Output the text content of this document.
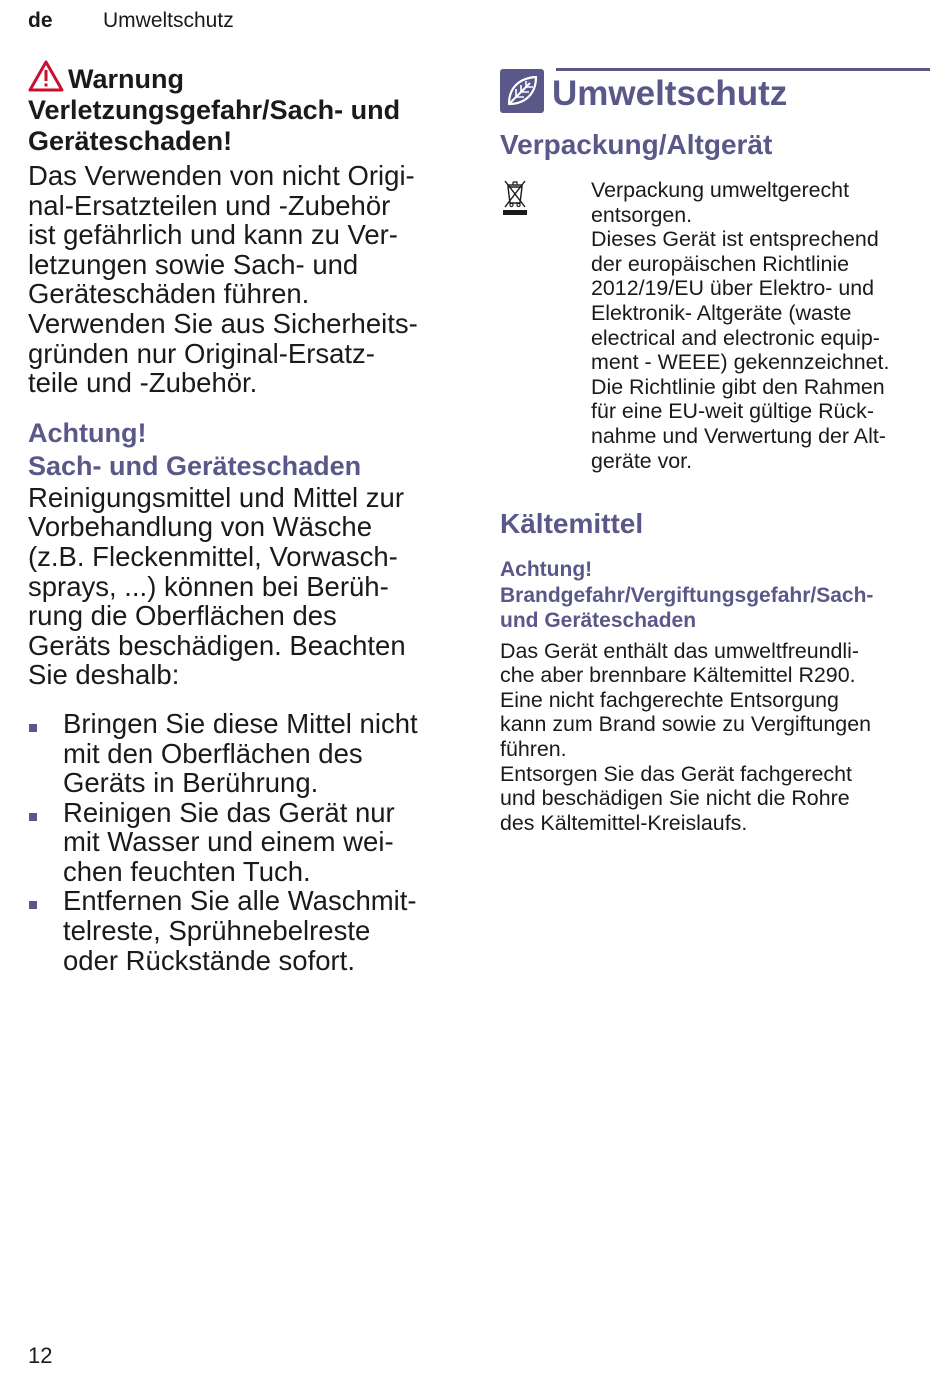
de Umweltschutz

Warnung

Verletzungsgefahr/Sach- und

Geräteschaden!

Das Verwenden von nicht Origi-

nal-Ersatzteilen und -Zubehör

ist gefährlich und kann zu Ver-

letzungen sowie Sach- und

Geräteschäden führen.

Verwenden Sie aus Sicherheits-

gründen nur Original-Ersatz-

teile und -Zubehör.

Achtung!

Sach- und Geräteschaden

Reinigungsmittel und Mittel zur

Vorbehandlung von Wäsche

(z.B. Fleckenmittel, Vorwasch-

sprays, ...) können bei Berüh-

rung die Oberflächen des

Geräts beschädigen. Beachten

Sie deshalb:

Bringen Sie diese Mittel nicht
mit den Oberflächen des
Geräts in Berührung.
Reinigen Sie das Gerät nur
mit Wasser und einem wei-
chen feuchten Tuch.
Entfernen Sie alle Waschmit-
telreste, Sprühnebelreste
oder Rückstände sofort.
Umweltschutz

Verpackung/Altgerät

Verpackung umweltgerecht

entsorgen.

Dieses Gerät ist entsprechend

der europäischen Richtlinie

2012/19/EU über Elektro- und

Elektronik- Altgeräte (waste

electrical and electronic equip-

ment - WEEE) gekennzeichnet.

Die Richtlinie gibt den Rahmen

für eine EU-weit gültige Rück-

nahme und Verwertung der Alt-

geräte vor.

Kältemittel

Achtung!

Brandgefahr/Vergiftungsgefahr/Sach-

und Geräteschaden

Das Gerät enthält das umweltfreundli-

che aber brennbare Kältemittel R290.

Eine nicht fachgerechte Entsorgung

kann zum Brand sowie zu Vergiftungen

führen.

Entsorgen Sie das Gerät fachgerecht

und beschädigen Sie nicht die Rohre

des Kältemittel-Kreislaufs.

12
